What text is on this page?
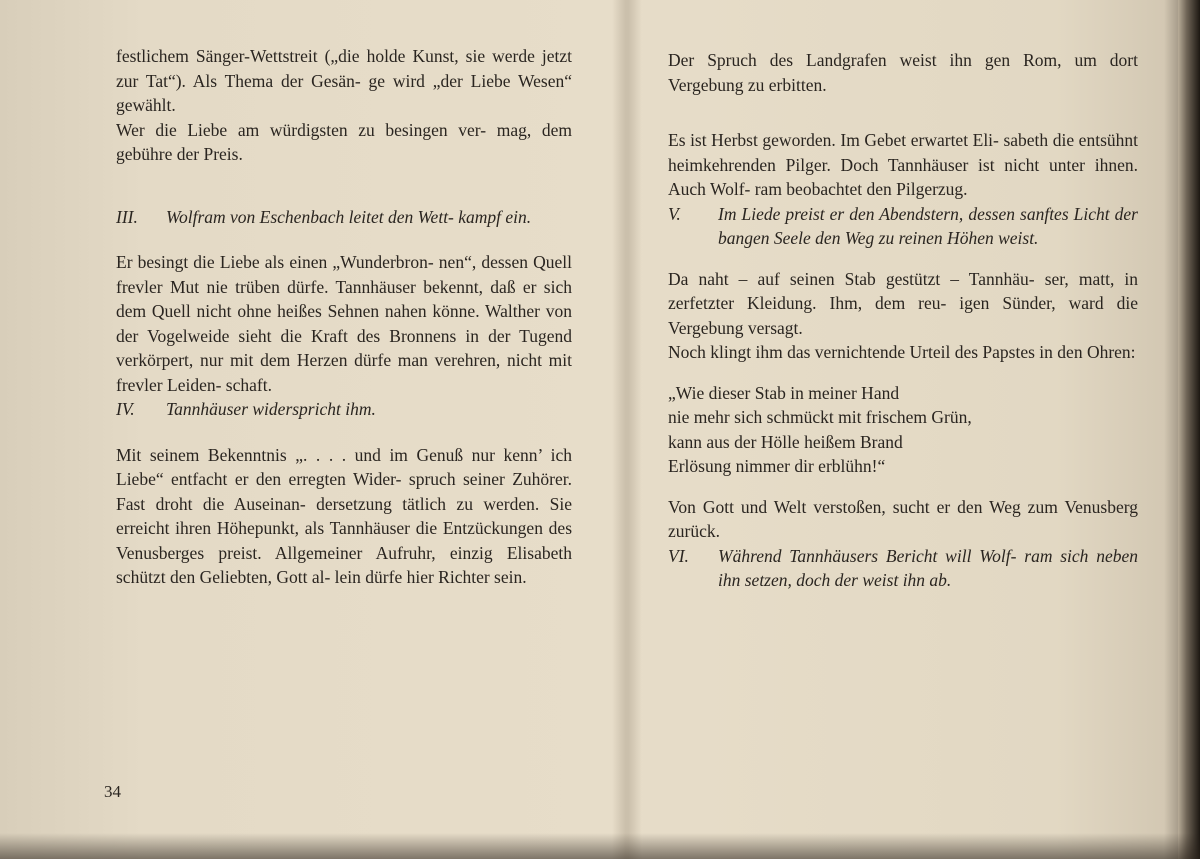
festlichem Sänger-Wettstreit („die holde Kunst, sie werde jetzt zur Tat“). Als Thema der Gesän- ge wird „der Liebe Wesen“ gewählt.

Wer die Liebe am würdigsten zu besingen ver- mag, dem gebühre der Preis.

III.	Wolfram von Eschenbach leitet den Wett- kampf ein.

Er besingt die Liebe als einen „Wunderbron- nen“, dessen Quell frevler Mut nie trüben dürfe. Tannhäuser bekennt, daß er sich dem Quell nicht ohne heißes Sehnen nahen könne. Walther von der Vogelweide sieht die Kraft des Bronnens in der Tugend verkörpert, nur mit dem Herzen dürfe man verehren, nicht mit frevler Leiden- schaft.

IV.	Tannhäuser widerspricht ihm.

Mit seinem Bekenntnis „. . . . und im Genuß nur kenn’ ich Liebe“ entfacht er den erregten Wider- spruch seiner Zuhörer. Fast droht die Auseinan- dersetzung tätlich zu werden. Sie erreicht ihren Höhepunkt, als Tannhäuser die Entzückungen des Venusberges preist. Allgemeiner Aufruhr, einzig Elisabeth schützt den Geliebten, Gott al- lein dürfe hier Richter sein.

34

Der Spruch des Landgrafen weist ihn gen Rom, um dort Vergebung zu erbitten.

Es ist Herbst geworden. Im Gebet erwartet Eli- sabeth die entsühnt heimkehrenden Pilger. Doch Tannhäuser ist nicht unter ihnen. Auch Wolf- ram beobachtet den Pilgerzug.

V.	Im Liede preist er den Abendstern, dessen sanftes Licht der bangen Seele den Weg zu reinen Höhen weist.

Da naht – auf seinen Stab gestützt – Tannhäu- ser, matt, in zerfetzter Kleidung. Ihm, dem reu- igen Sünder, ward die Vergebung versagt.

Noch klingt ihm das vernichtende Urteil des Papstes in den Ohren:

„Wie dieser Stab in meiner Hand

nie mehr sich schmückt mit frischem Grün,

kann aus der Hölle heißem Brand

Erlösung nimmer dir erblühn!“

Von Gott und Welt verstoßen, sucht er den Weg zum Venusberg zurück.

VI.	Während Tannhäusers Bericht will Wolf- ram sich neben ihn setzen, doch der weist ihn ab.
